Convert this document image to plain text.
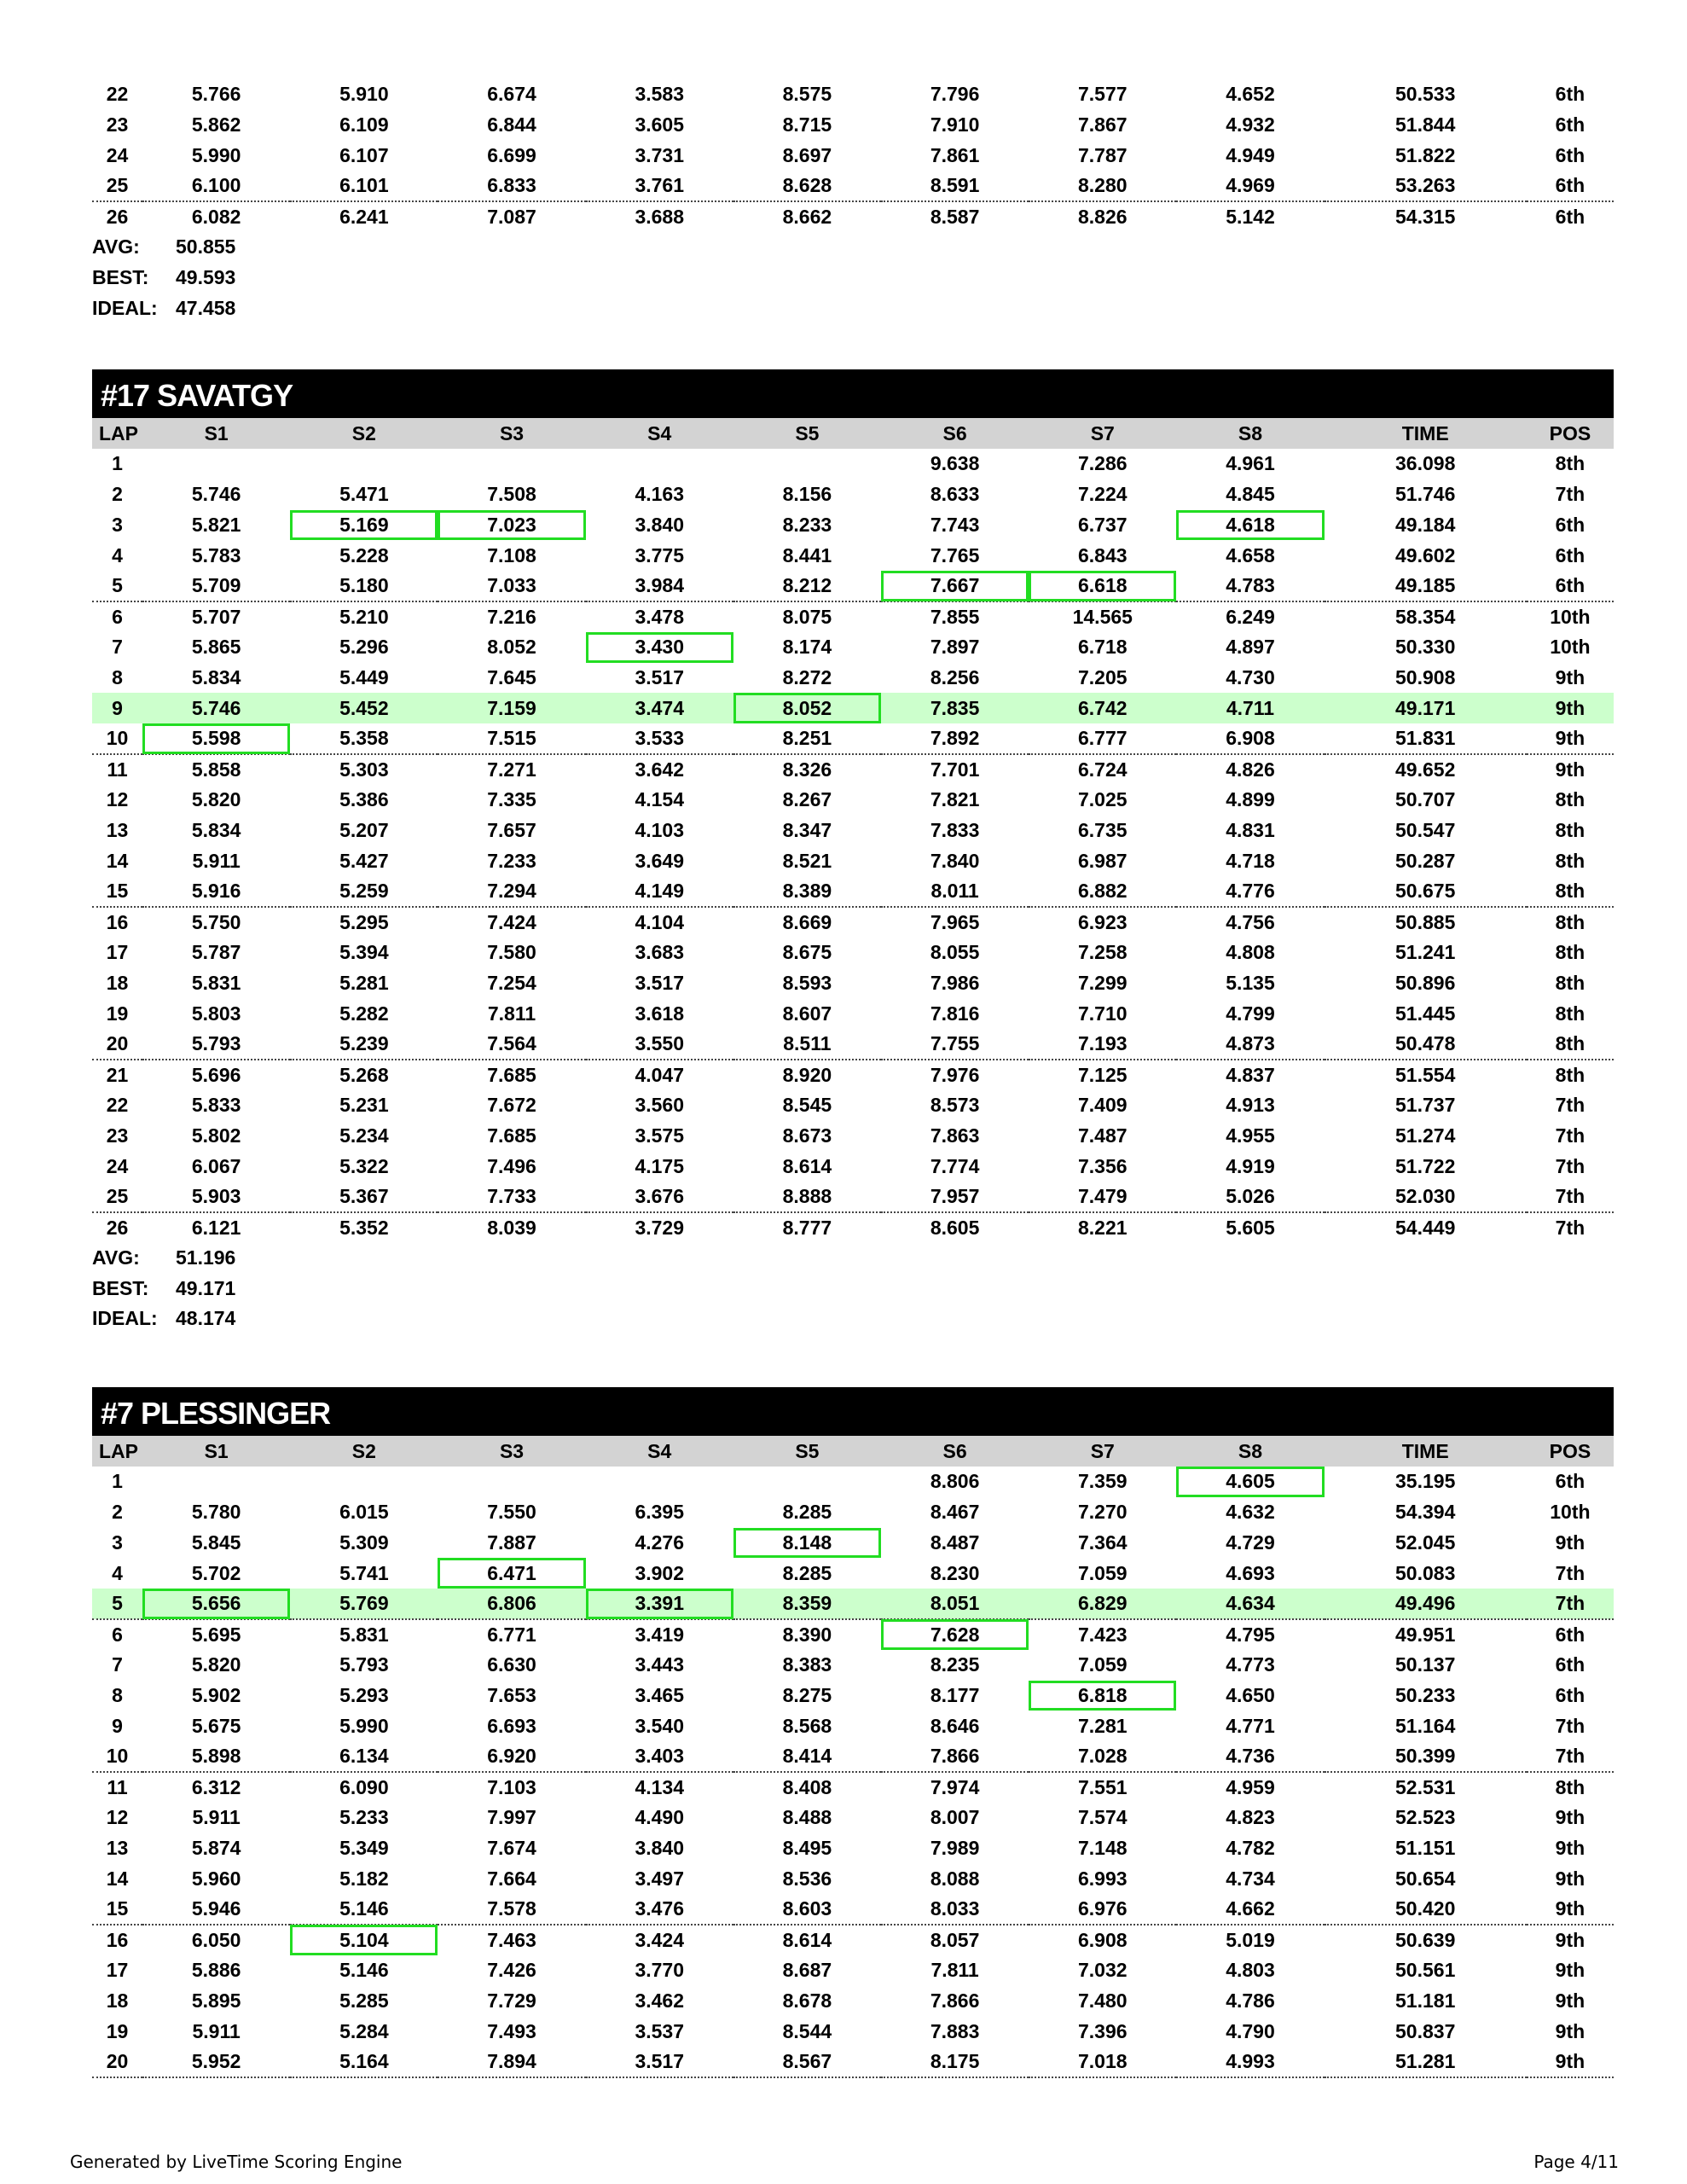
22	5.766	5.910	6.674	3.583	8.575	7.796	7.577	4.652	50.533	6th
23	5.862	6.109	6.844	3.605	8.715	7.910	7.867	4.932	51.844	6th
24	5.990	6.107	6.699	3.731	8.697	7.861	7.787	4.949	51.822	6th
25	6.100	6.101	6.833	3.761	8.628	8.591	8.280	4.969	53.263	6th
26	6.082	6.241	7.087	3.688	8.662	8.587	8.826	5.142	54.315	6th
AVG: 50.855
BEST: 49.593
IDEAL: 47.458
#17 SAVATGY
LAP	S1	S2	S3	S4	S5	S6	S7	S8	TIME	POS
1						9.638	7.286	4.961	36.098	8th
2	5.746	5.471	7.508	4.163	8.156	8.633	7.224	4.845	51.746	7th
3	5.821	5.169	7.023	3.840	8.233	7.743	6.737	4.618	49.184	6th
4	5.783	5.228	7.108	3.775	8.441	7.765	6.843	4.658	49.602	6th
5	5.709	5.180	7.033	3.984	8.212	7.667	6.618	4.783	49.185	6th
6	5.707	5.210	7.216	3.478	8.075	7.855	14.565	6.249	58.354	10th
7	5.865	5.296	8.052	3.430	8.174	7.897	6.718	4.897	50.330	10th
8	5.834	5.449	7.645	3.517	8.272	8.256	7.205	4.730	50.908	9th
9	5.746	5.452	7.159	3.474	8.052	7.835	6.742	4.711	49.171	9th
10	5.598	5.358	7.515	3.533	8.251	7.892	6.777	6.908	51.831	9th
11	5.858	5.303	7.271	3.642	8.326	7.701	6.724	4.826	49.652	9th
12	5.820	5.386	7.335	4.154	8.267	7.821	7.025	4.899	50.707	8th
13	5.834	5.207	7.657	4.103	8.347	7.833	6.735	4.831	50.547	8th
14	5.911	5.427	7.233	3.649	8.521	7.840	6.987	4.718	50.287	8th
15	5.916	5.259	7.294	4.149	8.389	8.011	6.882	4.776	50.675	8th
16	5.750	5.295	7.424	4.104	8.669	7.965	6.923	4.756	50.885	8th
17	5.787	5.394	7.580	3.683	8.675	8.055	7.258	4.808	51.241	8th
18	5.831	5.281	7.254	3.517	8.593	7.986	7.299	5.135	50.896	8th
19	5.803	5.282	7.811	3.618	8.607	7.816	7.710	4.799	51.445	8th
20	5.793	5.239	7.564	3.550	8.511	7.755	7.193	4.873	50.478	8th
21	5.696	5.268	7.685	4.047	8.920	7.976	7.125	4.837	51.554	8th
22	5.833	5.231	7.672	3.560	8.545	8.573	7.409	4.913	51.737	7th
23	5.802	5.234	7.685	3.575	8.673	7.863	7.487	4.955	51.274	7th
24	6.067	5.322	7.496	4.175	8.614	7.774	7.356	4.919	51.722	7th
25	5.903	5.367	7.733	3.676	8.888	7.957	7.479	5.026	52.030	7th
26	6.121	5.352	8.039	3.729	8.777	8.605	8.221	5.605	54.449	7th
AVG: 51.196
BEST: 49.171
IDEAL: 48.174
#7 PLESSINGER
LAP	S1	S2	S3	S4	S5	S6	S7	S8	TIME	POS
1						8.806	7.359	4.605	35.195	6th
2	5.780	6.015	7.550	6.395	8.285	8.467	7.270	4.632	54.394	10th
3	5.845	5.309	7.887	4.276	8.148	8.487	7.364	4.729	52.045	9th
4	5.702	5.741	6.471	3.902	8.285	8.230	7.059	4.693	50.083	7th
5	5.656	5.769	6.806	3.391	8.359	8.051	6.829	4.634	49.496	7th
6	5.695	5.831	6.771	3.419	8.390	7.628	7.423	4.795	49.951	6th
7	5.820	5.793	6.630	3.443	8.383	8.235	7.059	4.773	50.137	6th
8	5.902	5.293	7.653	3.465	8.275	8.177	6.818	4.650	50.233	6th
9	5.675	5.990	6.693	3.540	8.568	8.646	7.281	4.771	51.164	7th
10	5.898	6.134	6.920	3.403	8.414	7.866	7.028	4.736	50.399	7th
11	6.312	6.090	7.103	4.134	8.408	7.974	7.551	4.959	52.531	8th
12	5.911	5.233	7.997	4.490	8.488	8.007	7.574	4.823	52.523	9th
13	5.874	5.349	7.674	3.840	8.495	7.989	7.148	4.782	51.151	9th
14	5.960	5.182	7.664	3.497	8.536	8.088	6.993	4.734	50.654	9th
15	5.946	5.146	7.578	3.476	8.603	8.033	6.976	4.662	50.420	9th
16	6.050	5.104	7.463	3.424	8.614	8.057	6.908	5.019	50.639	9th
17	5.886	5.146	7.426	3.770	8.687	7.811	7.032	4.803	50.561	9th
18	5.895	5.285	7.729	3.462	8.678	7.866	7.480	4.786	51.181	9th
19	5.911	5.284	7.493	3.537	8.544	7.883	7.396	4.790	50.837	9th
20	5.952	5.164	7.894	3.517	8.567	8.175	7.018	4.993	51.281	9th
Generated by LiveTime Scoring Engine	Page 4/11
